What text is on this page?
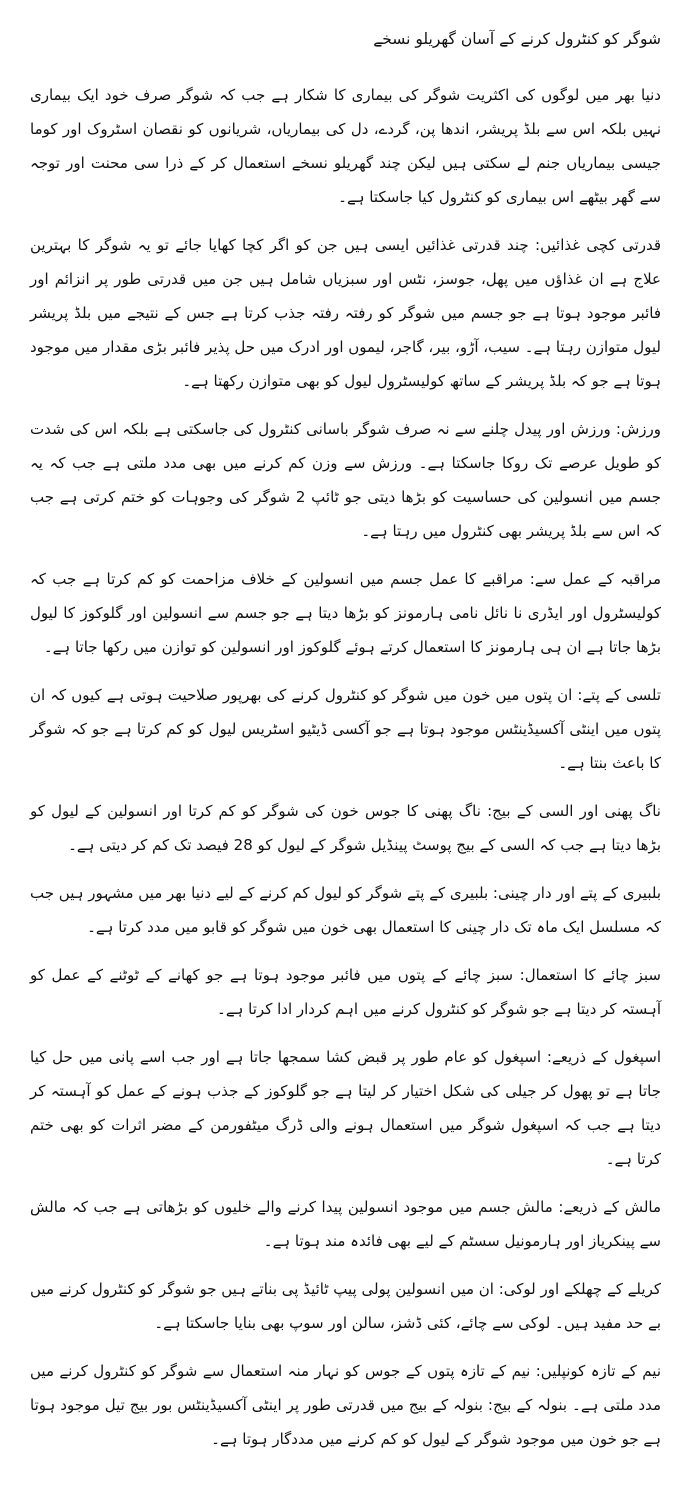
شوگر کو کنٹرول کرنے کے آسان گھریلو نسخے

دنیا بھر میں لوگوں کی اکثریت شوگر کی بیماری کا شکار ہے جب کہ شوگر صرف خود ایک بیماری نہیں بلکہ اس سے بلڈ پریشر، اندھا پن، گردے، دل کی بیماریاں، شریانوں کو نقصان اسٹروک اور کوما جیسی بیماریاں جنم لے سکتی ہیں لیکن چند گھریلو نسخے استعمال کر کے ذرا سی محنت اور توجہ سے گھر بیٹھے اس بیماری کو کنٹرول کیا جاسکتا ہے۔

قدرتی کچی غذائیں: چند قدرتی غذائیں ایسی ہیں جن کو اگر کچا کھایا جائے تو یہ شوگر کا بہترین علاج ہے ان غذاؤں میں پھل، جوسز، نٹس اور سبزیاں شامل ہیں جن میں قدرتی طور پر انزائم اور فائبر موجود ہوتا ہے جو جسم میں شوگر کو رفتہ رفتہ جذب کرتا ہے جس کے نتیجے میں بلڈ پریشر لیول متوازن رہتا ہے۔ سیب، آڑو، بیر، گاجر، لیموں اور ادرک میں حل پذیر فائبر بڑی مقدار میں موجود ہوتا ہے جو کہ بلڈ پریشر کے ساتھ کولیسٹرول لیول کو بھی متوازن رکھتا ہے۔

ورزش: ورزش اور پیدل چلنے سے نہ صرف شوگر باسانی کنٹرول کی جاسکتی ہے بلکہ اس کی شدت کو طویل عرصے تک روکا جاسکتا ہے۔ ورزش سے وزن کم کرنے میں بھی مدد ملتی ہے جب کہ یہ جسم میں انسولین کی حساسیت کو بڑھا دیتی جو ٹائپ 2 شوگر کی وجوہات کو ختم کرتی ہے جب کہ اس سے بلڈ پریشر بھی کنٹرول میں رہتا ہے۔

مراقبہ کے عمل سے: مراقبے کا عمل جسم میں انسولین کے خلاف مزاحمت کو کم کرتا ہے جب کہ کولیسٹرول اور ایڈری نا نائل نامی ہارمونز کو بڑھا دیتا ہے جو جسم سے انسولین اور گلوکوز کا لیول بڑھا جاتا ہے ان ہی ہارمونز کا استعمال کرتے ہوئے گلوکوز اور انسولین کو توازن میں رکھا جاتا ہے۔

تلسی کے پتے: ان پتوں میں خون میں شوگر کو کنٹرول کرنے کی بھرپور صلاحیت ہوتی ہے کیوں کہ ان پتوں میں اینٹی آکسیڈینٹس موجود ہوتا ہے جو آکسی ڈیٹیو اسٹریس لیول کو کم کرتا ہے جو کہ شوگر کا باعث بنتا ہے۔

ناگ پھنی اور السی کے بیج: ناگ پھنی کا جوس خون کی شوگر کو کم کرتا اور انسولین کے لیول کو بڑھا دیتا ہے جب کہ السی کے بیج پوسٹ پینڈیل شوگر کے لیول کو 28 فیصد تک کم کر دیتی ہے۔

بلبیری کے پتے اور دار چینی: بلبیری کے پتے شوگر کو لیول کم کرنے کے لیے دنیا بھر میں مشہور ہیں جب کہ مسلسل ایک ماہ تک دار چینی کا استعمال بھی خون میں شوگر کو قابو میں مدد کرتا ہے۔

سبز چائے کا استعمال: سبز چائے کے پتوں میں فائبر موجود ہوتا ہے جو کھانے کے ٹوٹنے کے عمل کو آہستہ کر دیتا ہے جو شوگر کو کنٹرول کرنے میں اہم کردار ادا کرتا ہے۔

اسپغول کے ذریعے: اسپغول کو عام طور پر قبض کشا سمجھا جاتا ہے اور جب اسے پانی میں حل کیا جاتا ہے تو پھول کر جیلی کی شکل اختیار کر لیتا ہے جو گلوکوز کے جذب ہونے کے عمل کو آہستہ کر دیتا ہے جب کہ اسپغول شوگر میں استعمال ہونے والی ڈرگ میٹفورمن کے مضر اثرات کو بھی ختم کرتا ہے۔

مالش کے ذریعے: مالش جسم میں موجود انسولین پیدا کرنے والے خلیوں کو بڑھاتی ہے جب کہ مالش سے پینکریاز اور ہارمونیل سسٹم کے لیے بھی فائدہ مند ہوتا ہے۔

کریلے کے چھلکے اور لوکی: ان میں انسولین پولی پیپ ٹائیڈ پی بناتے ہیں جو شوگر کو کنٹرول کرنے میں بے حد مفید ہیں۔ لوکی سے چائے، کئی ڈشز، سالن اور سوپ بھی بنایا جاسکتا ہے۔

نیم کے تازہ کونپلیں: نیم کے تازہ پتوں کے جوس کو نہار منہ استعمال سے شوگر کو کنٹرول کرنے میں مدد ملتی ہے۔ بنولہ کے بیج: بنولہ کے بیج میں قدرتی طور پر اینٹی آکسیڈینٹس بور بیج تیل موجود ہوتا ہے جو خون میں موجود شوگر کے لیول کو کم کرنے میں مددگار ہوتا ہے۔
